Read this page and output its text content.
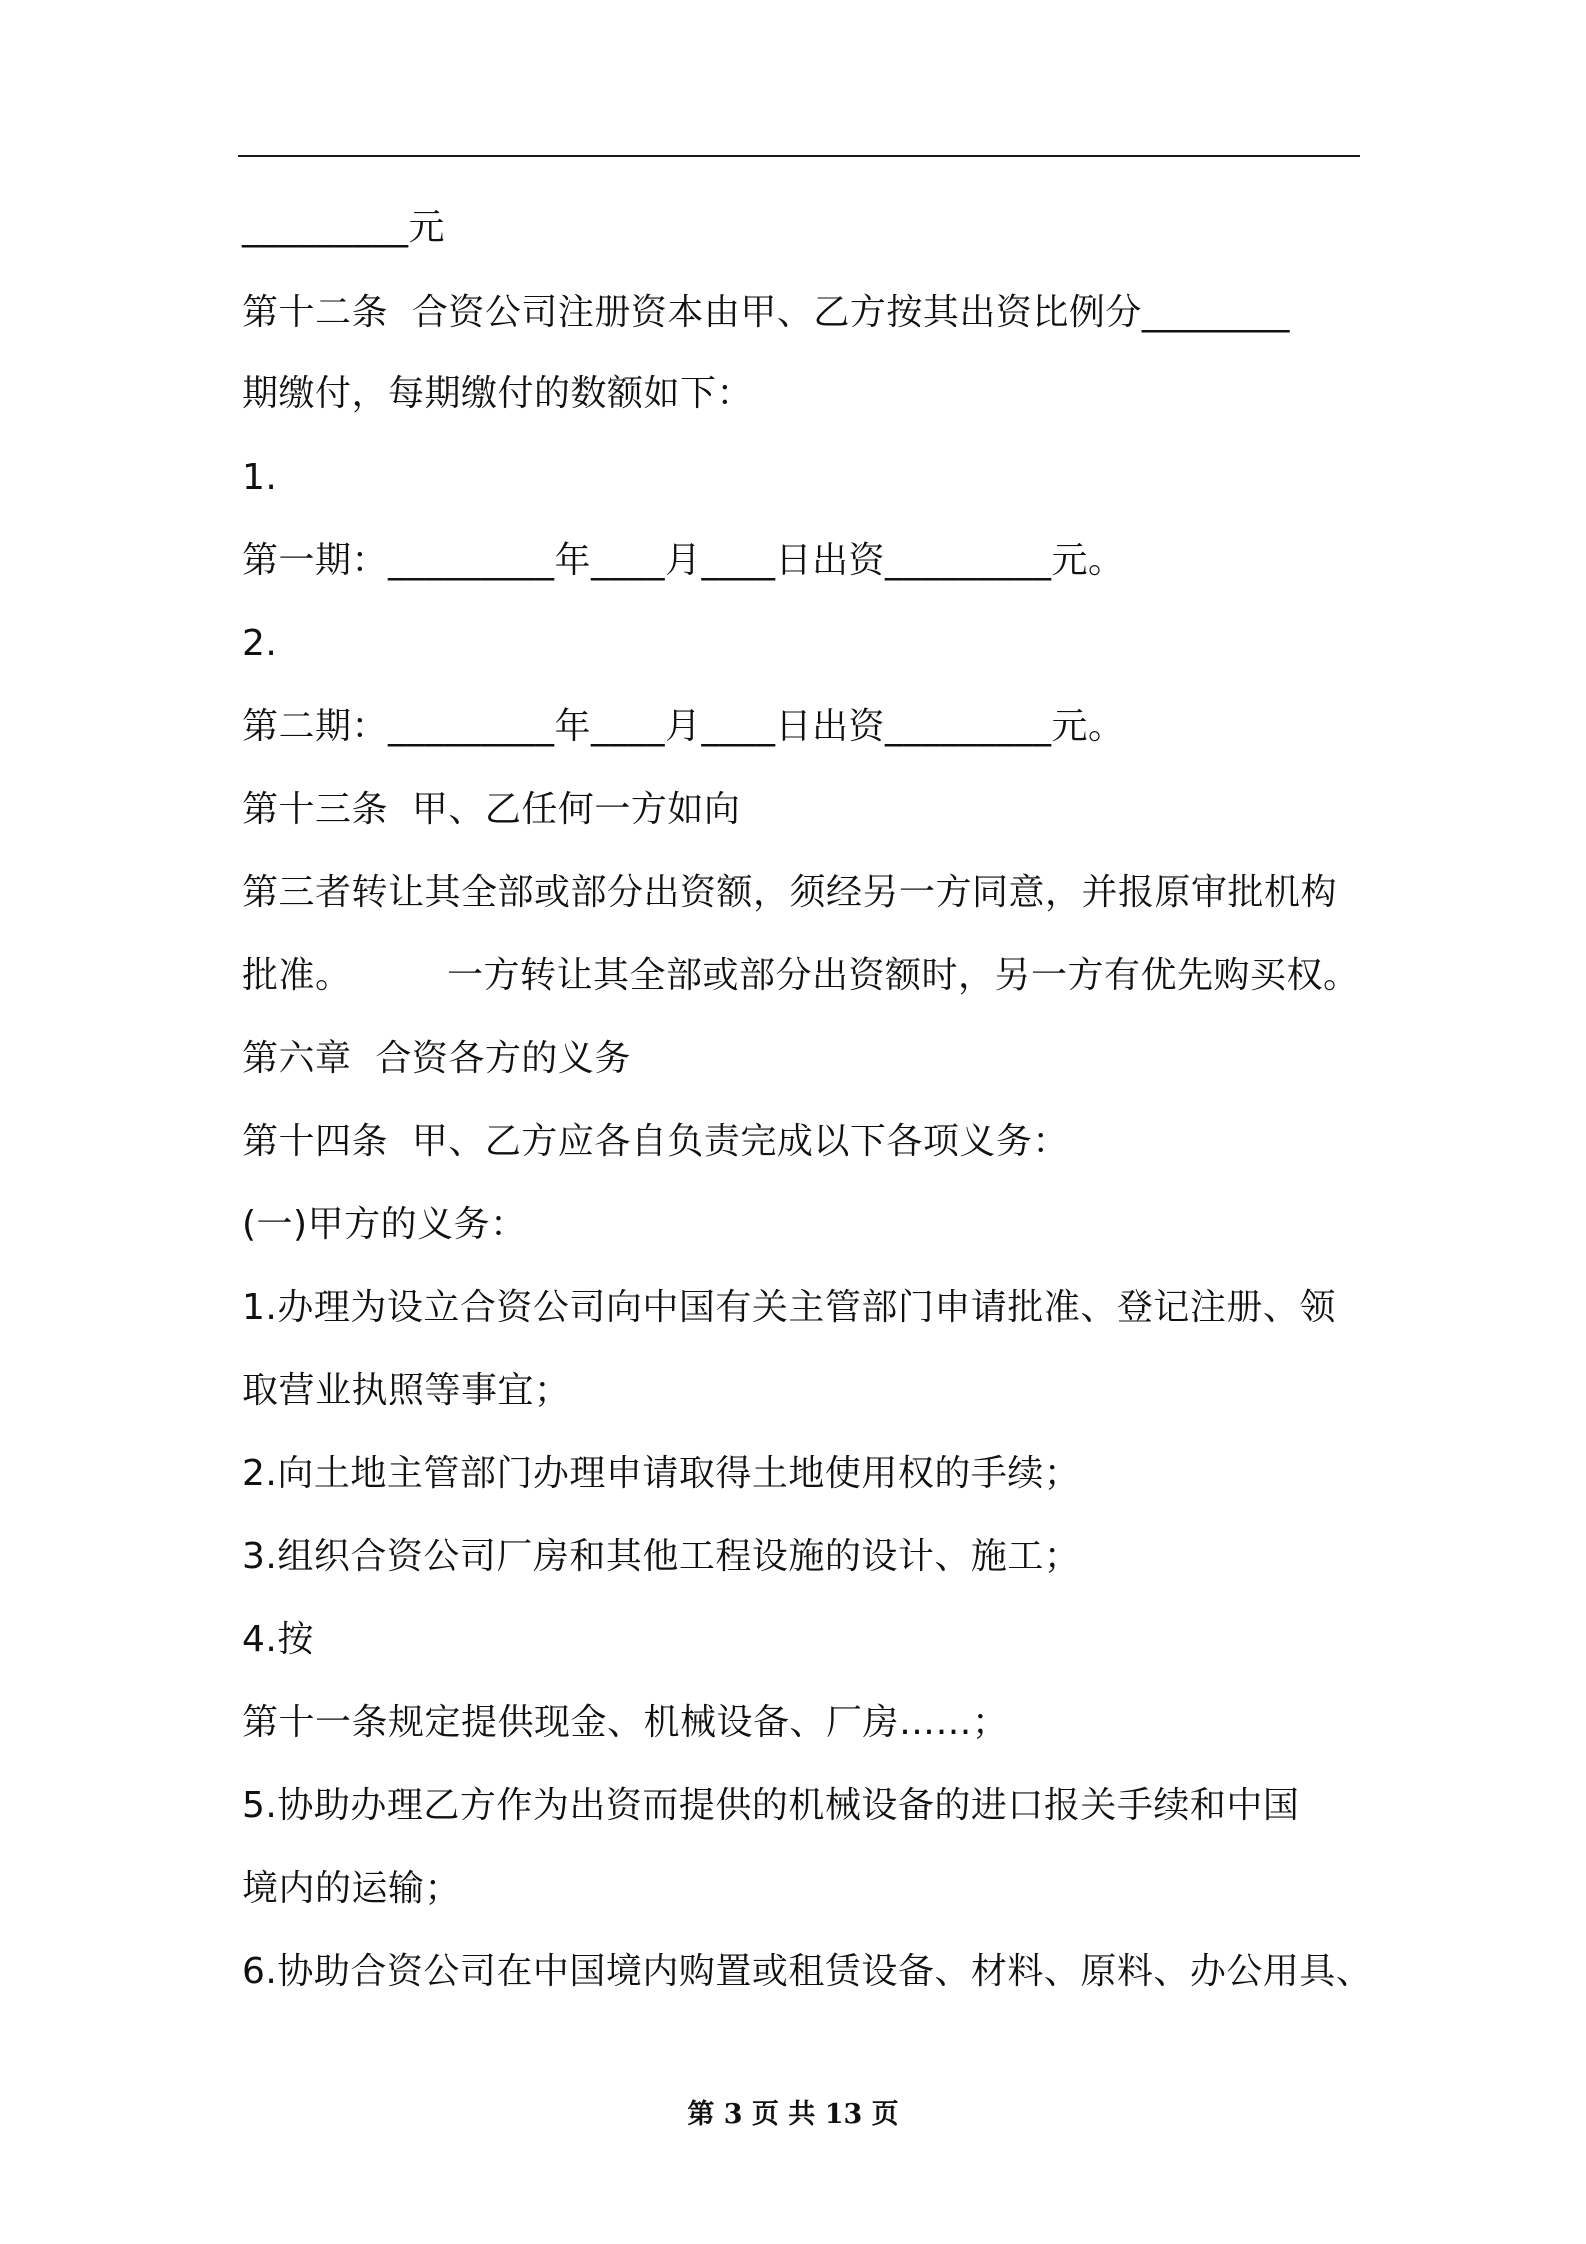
_________元
第十二条  合资公司注册资本由甲、乙方按其出资比例分________
期缴付，每期缴付的数额如下：
1.
第一期：_________年____月____日出资_________元。
2.
第二期：_________年____月____日出资_________元。
第十三条  甲、乙任何一方如向
第三者转让其全部或部分出资额，须经另一方同意，并报原审批机构
批准。        一方转让其全部或部分出资额时，另一方有优先购买权。
第六章  合资各方的义务
第十四条  甲、乙方应各自负责完成以下各项义务：
(一)甲方的义务：
1.办理为设立合资公司向中国有关主管部门申请批准、登记注册、领
取营业执照等事宜；
2.向土地主管部门办理申请取得土地使用权的手续；
3.组织合资公司厂房和其他工程设施的设计、施工；
4.按
第十一条规定提供现金、机械设备、厂房……；
5.协助办理乙方作为出资而提供的机械设备的进口报关手续和中国
境内的运输；
6.协助合资公司在中国境内购置或租赁设备、材料、原料、办公用具、
第 3 页 共 13 页
